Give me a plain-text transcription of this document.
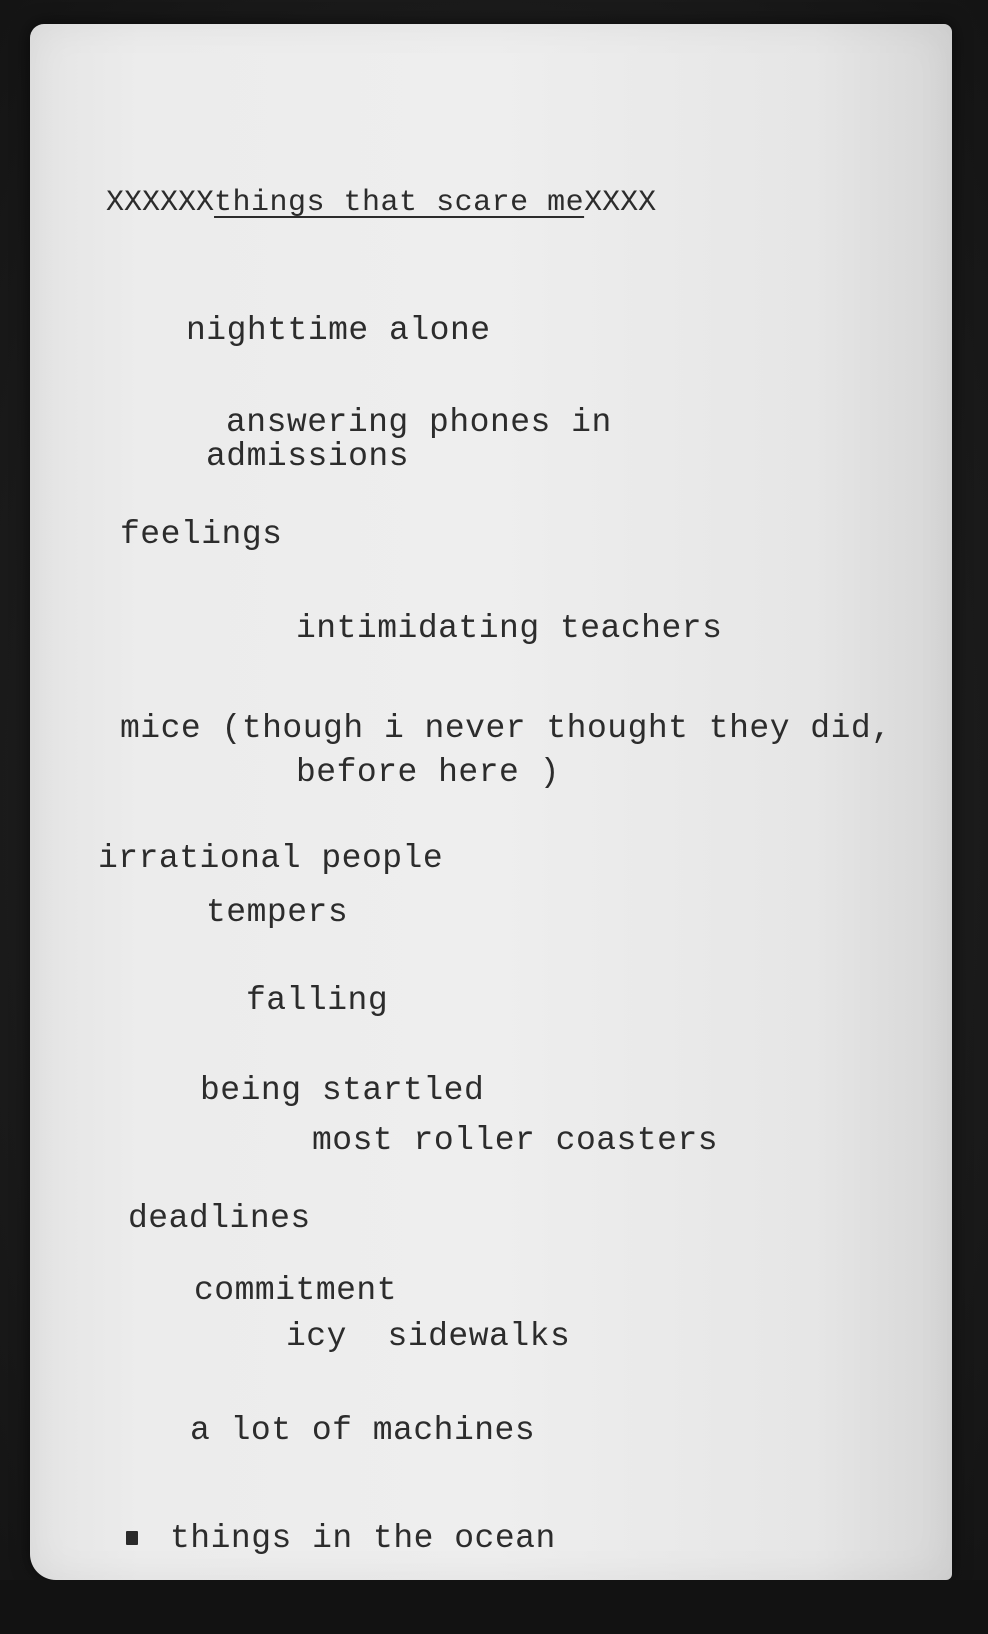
XXXXXXthings that scare meXXXX
nighttime alone
answering phones in
admissions
feelings
intimidating teachers
mice (though i never thought they did,
before here )
irrational people
tempers
falling
being startled
most roller coasters
deadlines
commitment
icy  sidewalks
a lot of machines
things in the ocean
